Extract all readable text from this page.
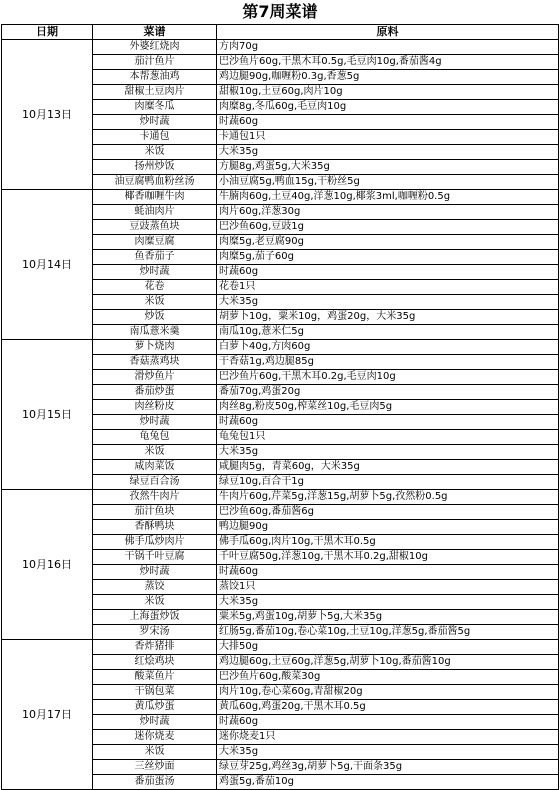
第7周菜谱
日期	菜谱	原料
10月13日	外婆红烧肉	方肉70g
	茄汁鱼片	巴沙鱼片60g,干黑木耳0.5g,毛豆肉10g,番茄酱4g
	本帮葱油鸡	鸡边腿90g,咖喱粉0.3g,香葱5g
	甜椒土豆肉片	甜椒10g,土豆60g,肉片10g
	肉糜冬瓜	肉糜8g,冬瓜60g,毛豆肉10g
	炒时蔬	时蔬60g
	卡通包	卡通包1只
	米饭	大米35g
	扬州炒饭	方腿8g,鸡蛋5g,大米35g
	油豆腐鸭血粉丝汤	小油豆腐5g,鸭血15g,干粉丝5g
10月14日	椰香咖喱牛肉	牛腩肉60g,土豆40g,洋葱10g,椰浆3ml,咖喱粉0.5g
	蚝油肉片	肉片60g,洋葱30g
	豆豉蒸鱼块	巴沙鱼60g,豆豉1g
	肉糜豆腐	肉糜5g,老豆腐90g
	鱼香茄子	肉糜5g,茄子60g
	炒时蔬	时蔬60g
	花卷	花卷1只
	米饭	大米35g
	炒饭	胡萝卜10g，粟米10g，鸡蛋20g，大米35g
	南瓜薏米羹	南瓜10g,薏米仁5g
10月15日	萝卜烧肉	白萝卜40g,方肉60g
	香菇蒸鸡块	干香菇1g,鸡边腿85g
	滑炒鱼片	巴沙鱼片60g,干黑木耳0.2g,毛豆肉10g
	番茄炒蛋	番茄70g,鸡蛋20g
	肉丝粉皮	肉丝8g,粉皮50g,榨菜丝10g,毛豆肉5g
	炒时蔬	时蔬60g
	龟兔包	龟兔包1只
	米饭	大米35g
	咸肉菜饭	咸腿肉5g，青菜60g，大米35g
	绿豆百合汤	绿豆10g,百合干1g
10月16日	孜然牛肉片	牛肉片60g,芹菜5g,洋葱15g,胡萝卜5g,孜然粉0.5g
	茄汁鱼块	巴沙鱼60g,番茄酱6g
	香酥鸭块	鸭边腿90g
	佛手瓜炒肉片	佛手瓜60g,肉片10g,干黑木耳0.5g
	干锅千叶豆腐	千叶豆腐50g,洋葱10g,干黑木耳0.2g,甜椒10g
	炒时蔬	时蔬60g
	蒸饺	蒸饺1只
	米饭	大米35g
	上海蛋炒饭	粟米5g,鸡蛋10g,胡萝卜5g,大米35g
	罗宋汤	红肠5g,番茄10g,卷心菜10g,土豆10g,洋葱5g,番茄酱5g
10月17日	香炸猪排	大排50g
	红烩鸡块	鸡边腿60g,土豆60g,洋葱5g,胡萝卜10g,番茄酱10g
	酸菜鱼片	巴沙鱼片60g,酸菜30g
	干锅包菜	肉片10g,卷心菜60g,青甜椒20g
	黄瓜炒蛋	黄瓜60g,鸡蛋20g,干黑木耳0.5g
	炒时蔬	时蔬60g
	迷你烧麦	迷你烧麦1只
	米饭	大米35g
	三丝炒面	绿豆芽25g,鸡丝3g,胡萝卜5g,干面条35g
	番茄蛋汤	鸡蛋5g,番茄10g
